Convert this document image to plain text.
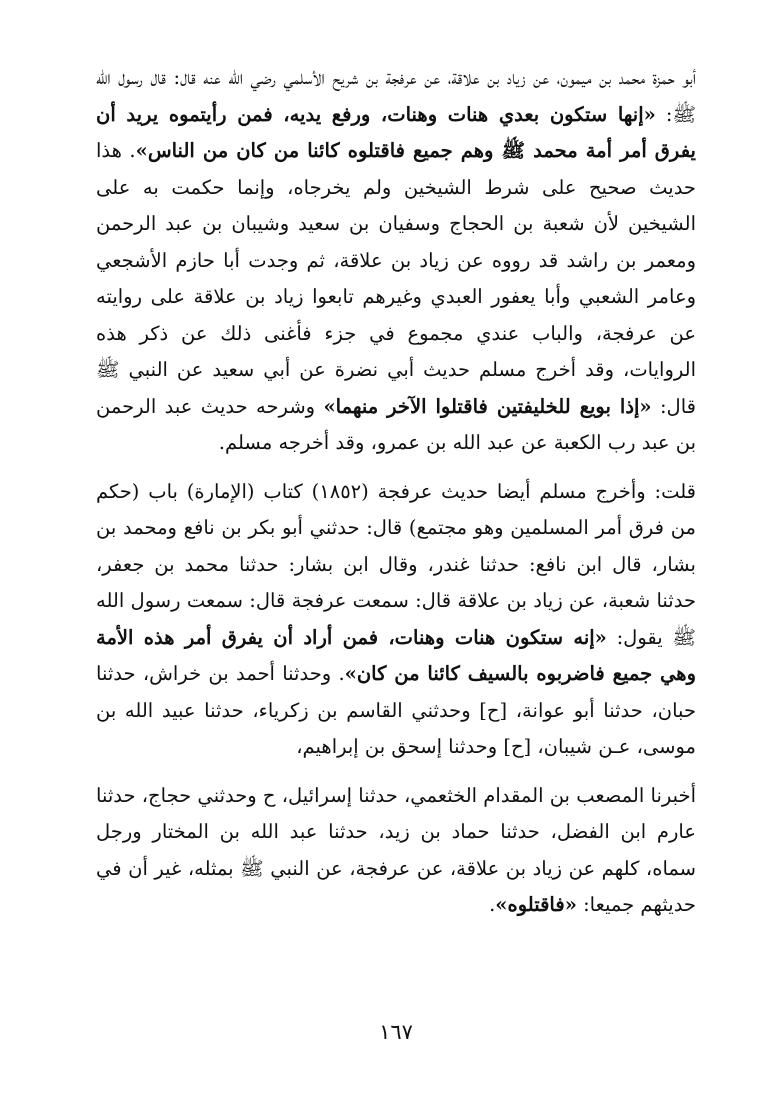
أبو حمزة محمد بن ميمون، عن زياد بن علاقة، عن عرفجة بن شريح الأسلمي رضي الله عنه قال: قال رسول الله ﷺ: «إنها ستكون بعدي هنات وهنات، ورفع يديه، فمن رأيتموه يريد أن يفرق أمر أمة محمد ﷺ وهم جميع فاقتلوه كائنا من كان من الناس». هذا حديث صحيح على شرط الشيخين ولم يخرجاه، وإنما حكمت به على الشيخين لأن شعبة بن الحجاج وسفيان بن سعيد وشيبان بن عبد الرحمن ومعمر بن راشد قد رووه عن زياد بن علاقة، ثم وجدت أبا حازم الأشجعي وعامر الشعبي وأبا يعفور العبدي وغيرهم تابعوا زياد بن علاقة على روايته عن عرفجة، والباب عندي مجموع في جزء فأغنى ذلك عن ذكر هذه الروايات، وقد أخرج مسلم حديث أبي نضرة عن أبي سعيد عن النبي ﷺ قال: «إذا بويع للخليفتين فاقتلوا الآخر منهما» وشرحه حديث عبد الرحمن بن عبد رب الكعبة عن عبد الله بن عمرو، وقد أخرجه مسلم.

قلت: وأخرج مسلم أيضا حديث عرفجة (١٨٥٢) كتاب (الإمارة) باب (حكم من فرق أمر المسلمين وهو مجتمع) قال: حدثني أبو بكر بن نافع ومحمد بن بشار، قال ابن نافع: حدثنا غندر، وقال ابن بشار: حدثنا محمد بن جعفر، حدثنا شعبة، عن زياد بن علاقة قال: سمعت عرفجة قال: سمعت رسول الله ﷺ يقول: «إنه ستكون هنات وهنات، فمن أراد أن يفرق أمر هذه الأمة وهي جميع فاضربوه بالسيف كائنا من كان». وحدثنا أحمد بن خراش، حدثنا حبان، حدثنا أبو عوانة، [ح] وحدثني القاسم بن زكرياء، حدثنا عبيد الله بن موسى، عـن شيبان، [ح] وحدثنا إسحق بن إبراهيم،

أخبرنا المصعب بن المقدام الخثعمي، حدثنا إسرائيل، ح وحدثني حجاج، حدثنا عارم ابن الفضل، حدثنا حماد بن زيد، حدثنا عبد الله بن المختار ورجل سماه، كلهم عن زياد بن علاقة، عن عرفجة، عن النبي ﷺ بمثله، غير أن في حديثهم جميعا: «فاقتلوه».

١٦٧
